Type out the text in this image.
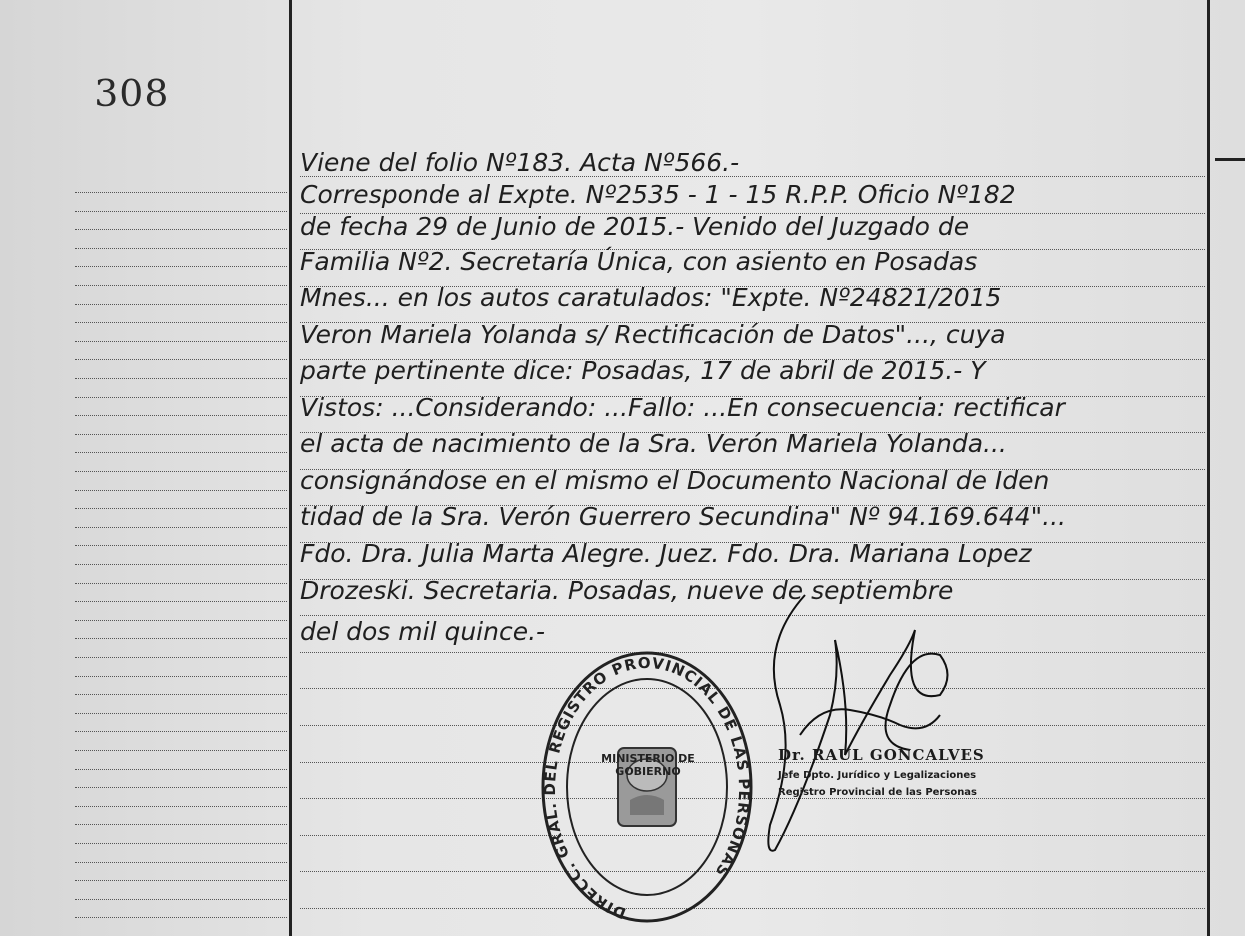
308
Viene del folio Nº183. Acta Nº566.-
Corresponde al Expte. Nº2535 - 1 - 15 R.P.P. Oficio Nº182
de fecha 29 de Junio de 2015.- Venido del Juzgado de
Familia Nº2. Secretaría Única, con asiento en Posadas
Mnes... en los autos caratulados: "Expte. Nº24821/2015
Veron Mariela Yolanda s/ Rectificación de Datos"..., cuya
parte pertinente dice: Posadas, 17 de abril de 2015.- Y
Vistos: ...Considerando: ...Fallo: ...En consecuencia: rectificar
el acta de nacimiento de la Sra. Verón Mariela Yolanda...
consignándose en el mismo el Documento Nacional de Iden
tidad de la Sra. Verón Guerrero Secundina" Nº 94.169.644"...
Fdo. Dra. Julia Marta Alegre. Juez. Fdo. Dra. Mariana Lopez
Drozeski. Secretaria. Posadas, nueve de septiembre
del dos mil quince.-
DIRECC. GRAL. DEL REGISTRO PROVINCIAL DE LAS PERSONAS
MINISTERIO DE GOBIERNO
Dr. RAUL GONCALVES
Jefe Dpto. Jurídico y Legalizaciones
Registro Provincial de las Personas
